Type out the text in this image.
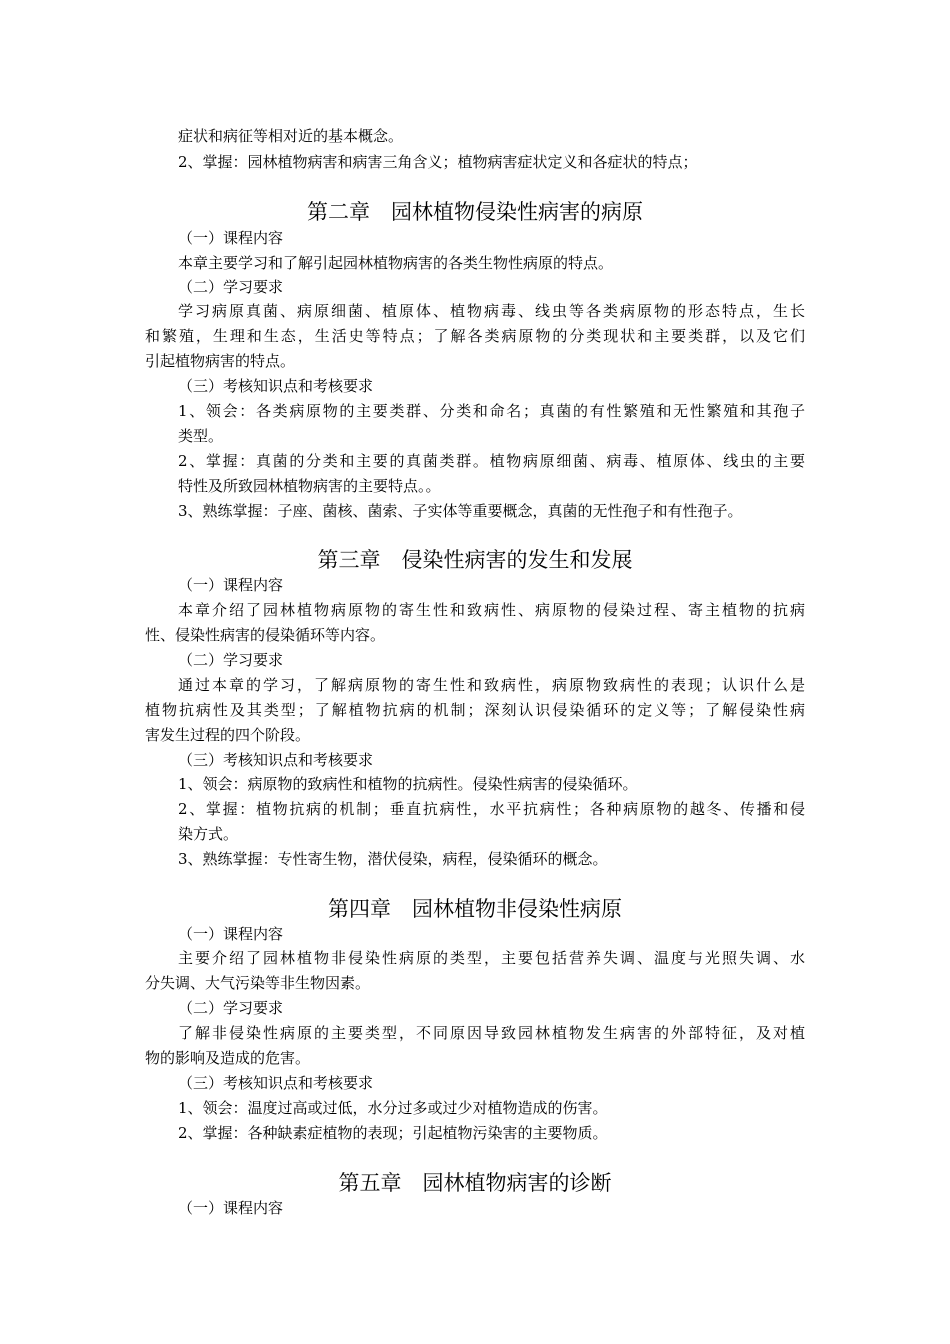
症状和病征等相对近的基本概念。
2、掌握：园林植物病害和病害三角含义；植物病害症状定义和各症状的特点；
第二章　园林植物侵染性病害的病原
（一）课程内容
本章主要学习和了解引起园林植物病害的各类生物性病原的特点。
（二）学习要求
学习病原真菌、病原细菌、植原体、植物病毒、线虫等各类病原物的形态特点，生长
和繁殖，生理和生态，生活史等特点；了解各类病原物的分类现状和主要类群，以及它们
引起植物病害的特点。
（三）考核知识点和考核要求
1、领会：各类病原物的主要类群、分类和命名；真菌的有性繁殖和无性繁殖和其孢子
类型。
2、掌握：真菌的分类和主要的真菌类群。植物病原细菌、病毒、植原体、线虫的主要
特性及所致园林植物病害的主要特点。。
3、熟练掌握：子座、菌核、菌索、子实体等重要概念，真菌的无性孢子和有性孢子。
第三章　侵染性病害的发生和发展
（一）课程内容
本章介绍了园林植物病原物的寄生性和致病性、病原物的侵染过程、寄主植物的抗病
性、侵染性病害的侵染循环等内容。
（二）学习要求
通过本章的学习，了解病原物的寄生性和致病性，病原物致病性的表现；认识什么是
植物抗病性及其类型；了解植物抗病的机制；深刻认识侵染循环的定义等；了解侵染性病
害发生过程的四个阶段。
（三）考核知识点和考核要求
1、领会：病原物的致病性和植物的抗病性。侵染性病害的侵染循环。
2、掌握：植物抗病的机制；垂直抗病性，水平抗病性；各种病原物的越冬、传播和侵
染方式。
3、熟练掌握：专性寄生物，潜伏侵染，病程，侵染循环的概念。
第四章　园林植物非侵染性病原
（一）课程内容
主要介绍了园林植物非侵染性病原的类型，主要包括营养失调、温度与光照失调、水
分失调、大气污染等非生物因素。
（二）学习要求
了解非侵染性病原的主要类型，不同原因导致园林植物发生病害的外部特征，及对植
物的影响及造成的危害。
（三）考核知识点和考核要求
1、领会：温度过高或过低，水分过多或过少对植物造成的伤害。
2、掌握：各种缺素症植物的表现；引起植物污染害的主要物质。
第五章　园林植物病害的诊断
（一）课程内容
